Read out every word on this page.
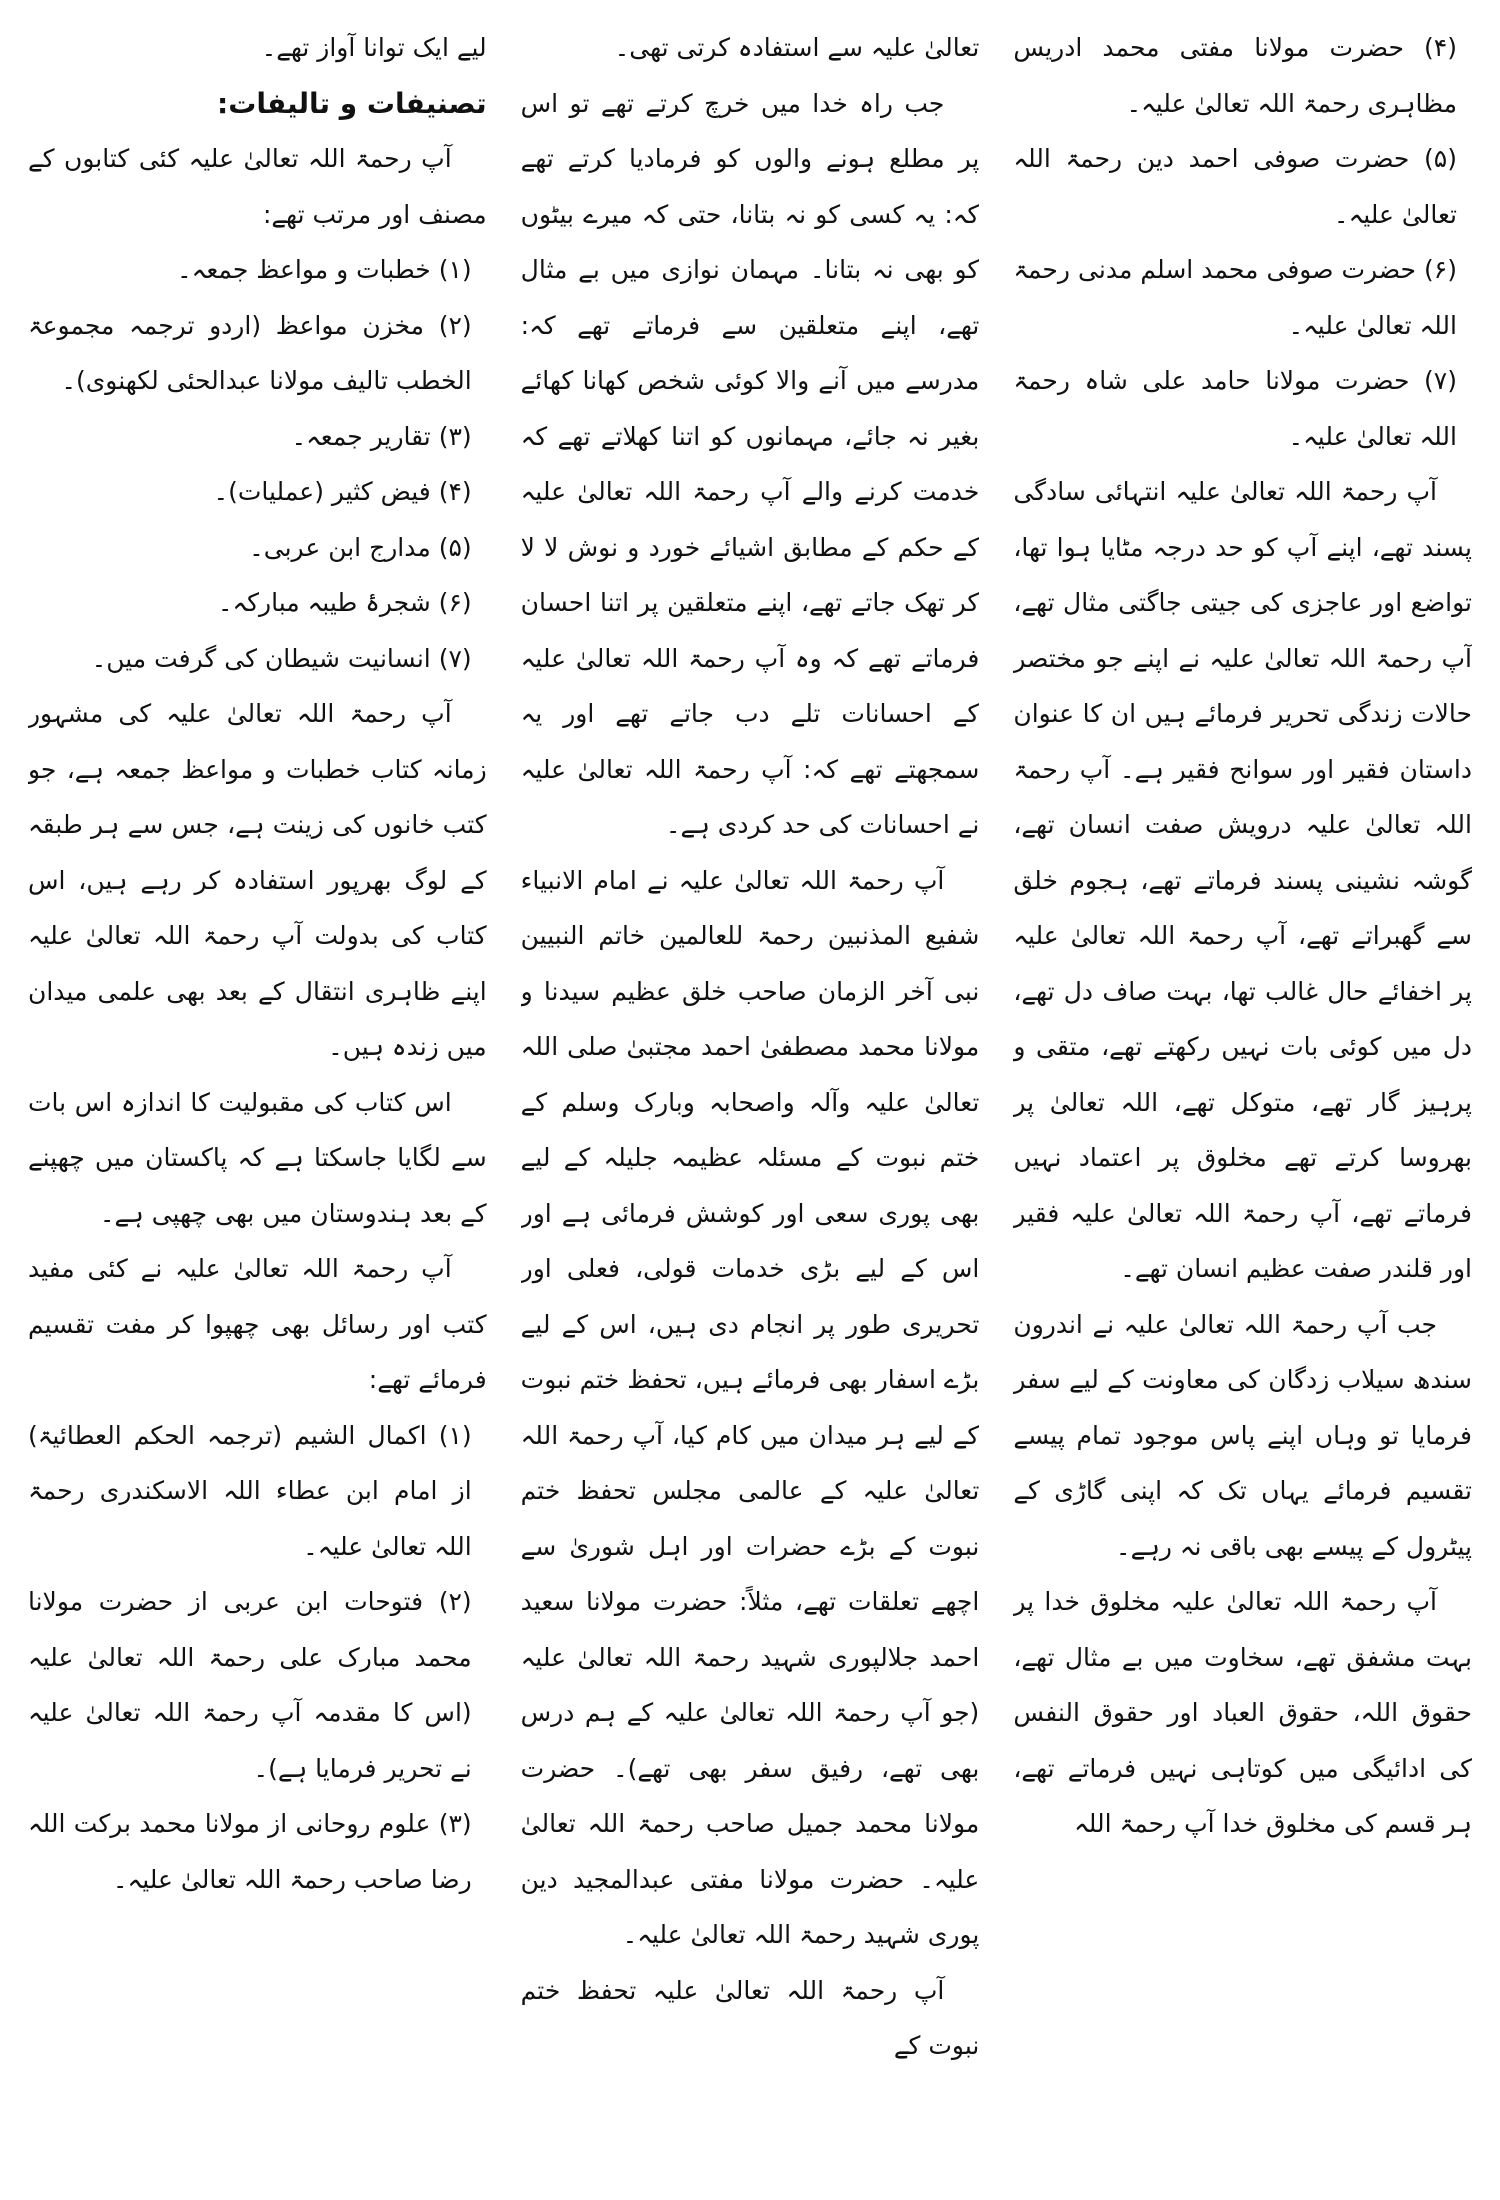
(۴) حضرت مولانا مفتی محمد ادریس مظاہری رحمۃ اللہ تعالیٰ علیہ۔

(۵) حضرت صوفی احمد دین رحمۃ اللہ تعالیٰ علیہ۔

(۶) حضرت صوفی محمد اسلم مدنی رحمۃ اللہ تعالیٰ علیہ۔

(۷) حضرت مولانا حامد علی شاہ رحمۃ اللہ تعالیٰ علیہ۔

آپ رحمۃ اللہ تعالیٰ علیہ انتہائی سادگی پسند تھے، اپنے آپ کو حد درجہ مٹایا ہوا تھا، تواضع اور عاجزی کی جیتی جاگتی مثال تھے، آپ رحمۃ اللہ تعالیٰ علیہ نے اپنے جو مختصر حالات زندگی تحریر فرمائے ہیں ان کا عنوان داستان فقیر اور سوانح فقیر ہے۔ آپ رحمۃ اللہ تعالیٰ علیہ درویش صفت انسان تھے، گوشہ نشینی پسند فرماتے تھے، ہجوم خلق سے گھبراتے تھے، آپ رحمۃ اللہ تعالیٰ علیہ پر اخفائے حال غالب تھا، بہت صاف دل تھے، دل میں کوئی بات نہیں رکھتے تھے، متقی و پرہیز گار تھے، متوکل تھے، اللہ تعالیٰ پر بھروسا کرتے تھے مخلوق پر اعتماد نہیں فرماتے تھے، آپ رحمۃ اللہ تعالیٰ علیہ فقیر اور قلندر صفت عظیم انسان تھے۔

جب آپ رحمۃ اللہ تعالیٰ علیہ نے اندرون سندھ سیلاب زدگان کی معاونت کے لیے سفر فرمایا تو وہاں اپنے پاس موجود تمام پیسے تقسیم فرمائے یہاں تک کہ اپنی گاڑی کے پیٹرول کے پیسے بھی باقی نہ رہے۔

آپ رحمۃ اللہ تعالیٰ علیہ مخلوق خدا پر بہت مشفق تھے، سخاوت میں بے مثال تھے، حقوق اللہ، حقوق العباد اور حقوق النفس کی ادائیگی میں کوتاہی نہیں فرماتے تھے، ہر قسم کی مخلوق خدا آپ رحمۃ اللہ

تعالیٰ علیہ سے استفادہ کرتی تھی۔

جب راہ خدا میں خرچ کرتے تھے تو اس پر مطلع ہونے والوں کو فرمادیا کرتے تھے کہ: یہ کسی کو نہ بتانا، حتی کہ میرے بیٹوں کو بھی نہ بتانا۔ مہمان نوازی میں بے مثال تھے، اپنے متعلقین سے فرماتے تھے کہ: مدرسے میں آنے والا کوئی شخص کھانا کھائے بغیر نہ جائے، مہمانوں کو اتنا کھلاتے تھے کہ خدمت کرنے والے آپ رحمۃ اللہ تعالیٰ علیہ کے حکم کے مطابق اشیائے خورد و نوش لا لا کر تھک جاتے تھے، اپنے متعلقین پر اتنا احسان فرماتے تھے کہ وہ آپ رحمۃ اللہ تعالیٰ علیہ کے احسانات تلے دب جاتے تھے اور یہ سمجھتے تھے کہ: آپ رحمۃ اللہ تعالیٰ علیہ نے احسانات کی حد کردی ہے۔

آپ رحمۃ اللہ تعالیٰ علیہ نے امام الانبیاء شفیع المذنبین رحمۃ للعالمین خاتم النبیین نبی آخر الزمان صاحب خلق عظیم سیدنا و مولانا محمد مصطفیٰ احمد مجتبیٰ صلی اللہ تعالیٰ علیہ وآلہ واصحابہ وبارک وسلم کے ختم نبوت کے مسئلہ عظیمہ جلیلہ کے لیے بھی پوری سعی اور کوشش فرمائی ہے اور اس کے لیے بڑی خدمات قولی، فعلی اور تحریری طور پر انجام دی ہیں، اس کے لیے بڑے اسفار بھی فرمائے ہیں، تحفظ ختم نبوت کے لیے ہر میدان میں کام کیا، آپ رحمۃ اللہ تعالیٰ علیہ کے عالمی مجلس تحفظ ختم نبوت کے بڑے حضرات اور اہل شوریٰ سے اچھے تعلقات تھے، مثلاً: حضرت مولانا سعید احمد جلالپوری شہید رحمۃ اللہ تعالیٰ علیہ (جو آپ رحمۃ اللہ تعالیٰ علیہ کے ہم درس بھی تھے، رفیق سفر بھی تھے)۔ حضرت مولانا محمد جمیل صاحب رحمۃ اللہ تعالیٰ علیہ۔ حضرت مولانا مفتی عبدالمجید دین پوری شہید رحمۃ اللہ تعالیٰ علیہ۔

آپ رحمۃ اللہ تعالیٰ علیہ تحفظ ختم نبوت کے

لیے ایک توانا آواز تھے۔

تصنیفات و تالیفات:

آپ رحمۃ اللہ تعالیٰ علیہ کئی کتابوں کے مصنف اور مرتب تھے:

(۱) خطبات و مواعظ جمعہ۔

(۲) مخزن مواعظ (اردو ترجمہ مجموعۃ الخطب تالیف مولانا عبدالحئی لکھنوی)۔

(۳) تقاریر جمعہ۔

(۴) فیض کثیر (عملیات)۔

(۵) مدارج ابن عربی۔

(۶) شجرۂ طیبہ مبارکہ۔

(۷) انسانیت شیطان کی گرفت میں۔

آپ رحمۃ اللہ تعالیٰ علیہ کی مشہور زمانہ کتاب خطبات و مواعظ جمعہ ہے، جو کتب خانوں کی زینت ہے، جس سے ہر طبقہ کے لوگ بھرپور استفادہ کر رہے ہیں، اس کتاب کی بدولت آپ رحمۃ اللہ تعالیٰ علیہ اپنے ظاہری انتقال کے بعد بھی علمی میدان میں زندہ ہیں۔

اس کتاب کی مقبولیت کا اندازہ اس بات سے لگایا جاسکتا ہے کہ پاکستان میں چھپنے کے بعد ہندوستان میں بھی چھپی ہے۔

آپ رحمۃ اللہ تعالیٰ علیہ نے کئی مفید کتب اور رسائل بھی چھپوا کر مفت تقسیم فرمائے تھے:

(۱) اکمال الشیم (ترجمہ الحکم العطائیۃ) از امام ابن عطاء اللہ الاسکندری رحمۃ اللہ تعالیٰ علیہ۔

(۲) فتوحات ابن عربی از حضرت مولانا محمد مبارک علی رحمۃ اللہ تعالیٰ علیہ (اس کا مقدمہ آپ رحمۃ اللہ تعالیٰ علیہ نے تحریر فرمایا ہے)۔

(۳) علوم روحانی از مولانا محمد برکت اللہ رضا صاحب رحمۃ اللہ تعالیٰ علیہ۔
